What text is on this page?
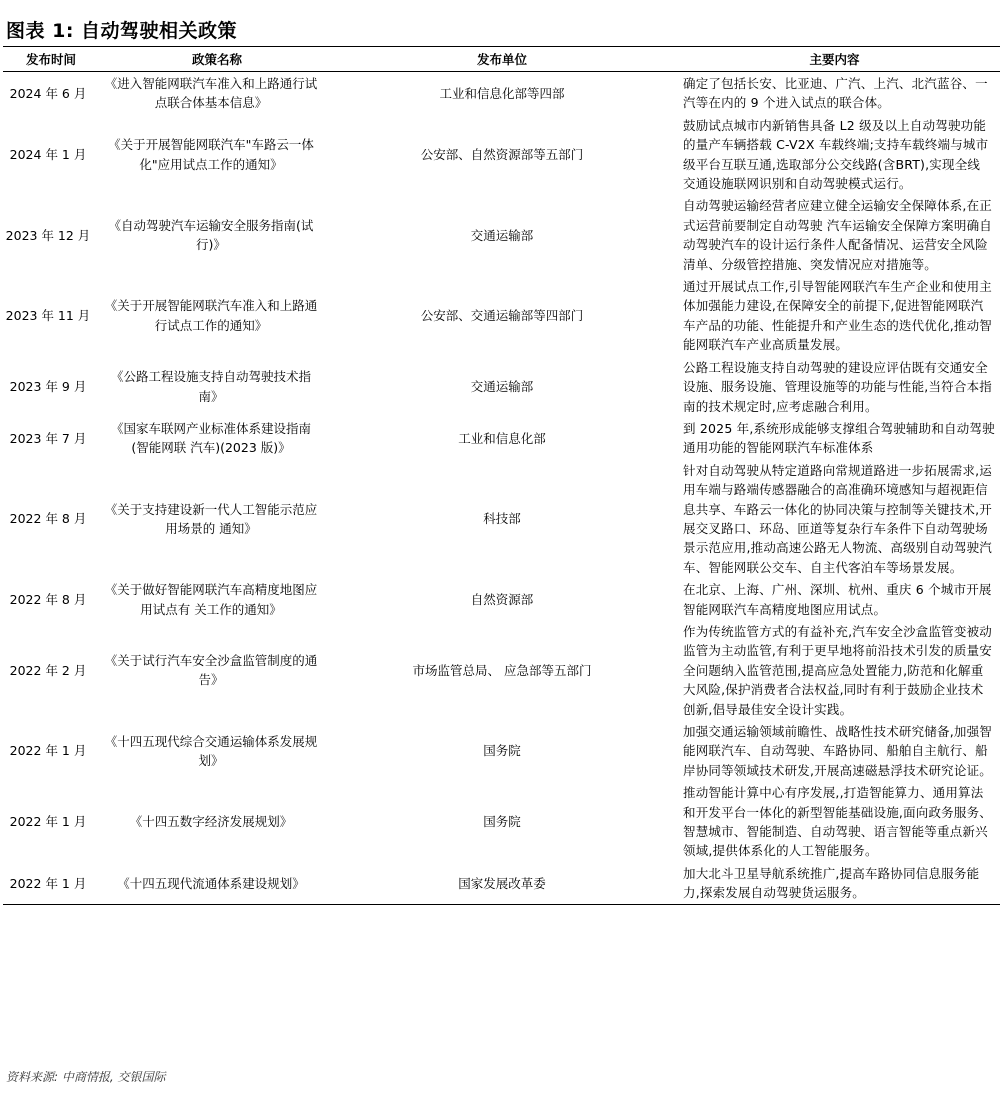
图表 1: 自动驾驶相关政策
发布时间	政策名称	发布单位	主要内容
2024 年 6 月	《进入智能网联汽车准入和上路通行试点联合体基本信息》	工业和信息化部等四部	确定了包括长安、比亚迪、广汽、上汽、北汽蓝谷、一汽等在内的 9 个进入试点的联合体。
2024 年 1 月	《关于开展智能网联汽车"车路云一体化"应用试点工作的通知》	公安部、自然资源部等五部门	鼓励试点城市内新销售具备 L2 级及以上自动驾驶功能的量产车辆搭载 C-V2X 车载终端;支持车载终端与城市级平台互联互通,选取部分公交线路(含BRT),实现全线 交通设施联网识别和自动驾驶模式运行。
2023 年 12 月	《自动驾驶汽车运输安全服务指南(试行)》	交通运输部	自动驾驶运输经营者应建立健全运输安全保障体系,在正式运营前要制定自动驾驶 汽车运输安全保障方案明确自动驾驶汽车的设计运行条件人配备情况、运营安全风险清单、分级管控措施、突发情况应对措施等。
2023 年 11 月	《关于开展智能网联汽车准入和上路通行试点工作的通知》	公安部、交通运输部等四部门	通过开展试点工作,引导智能网联汽车生产企业和使用主体加强能力建设,在保障安全的前提下,促进智能网联汽车产品的功能、性能提升和产业生态的迭代优化,推动智能网联汽车产业高质量发展。
2023 年 9 月	《公路工程设施支持自动驾驶技术指南》	交通运输部	公路工程设施支持自动驾驶的建设应评估既有交通安全设施、服务设施、管理设施等的功能与性能,当符合本指南的技术规定时,应考虑融合利用。
2023 年 7 月	《国家车联网产业标准体系建设指南(智能网联 汽车)(2023 版)》	工业和信息化部	到 2025 年,系统形成能够支撑组合驾驶辅助和自动驾驶通用功能的智能网联汽车标准体系
2022 年 8 月	《关于支持建设新一代人工智能示范应用场景的 通知》	科技部	针对自动驾驶从特定道路向常规道路进一步拓展需求,运用车端与路端传感器融合的高准确环境感知与超视距信息共享、车路云一体化的协同决策与控制等关键技术,开展交叉路口、环岛、匝道等复杂行车条件下自动驾驶场景示范应用,推动高速公路无人物流、高级别自动驾驶汽车、智能网联公交车、自主代客泊车等场景发展。
2022 年 8 月	《关于做好智能网联汽车高精度地图应用试点有 关工作的通知》	自然资源部	在北京、上海、广州、深圳、杭州、重庆 6 个城市开展智能网联汽车高精度地图应用试点。
2022 年 2 月	《关于试行汽车安全沙盒监管制度的通告》	市场监管总局、 应急部等五部门	作为传统监管方式的有益补充,汽车安全沙盒监管变被动监管为主动监管,有利于更早地将前沿技术引发的质量安全问题纳入监管范围,提高应急处置能力,防范和化解重大风险,保护消费者合法权益,同时有利于鼓励企业技术创新,倡导最佳安全设计实践。
2022 年 1 月	《十四五现代综合交通运输体系发展规划》	国务院	加强交通运输领域前瞻性、战略性技术研究储备,加强智能网联汽车、自动驾驶、车路协同、船舶自主航行、船岸协同等领域技术研发,开展高速磁悬浮技术研究论证。
2022 年 1 月	《十四五数字经济发展规划》	国务院	推动智能计算中心有序发展,,打造智能算力、通用算法和开发平台一体化的新型智能基础设施,面向政务服务、智慧城市、智能制造、自动驾驶、语言智能等重点新兴领域,提供体系化的人工智能服务。
2022 年 1 月	《十四五现代流通体系建设规划》	国家发展改革委	加大北斗卫星导航系统推广,提高车路协同信息服务能力,探索发展自动驾驶货运服务。
资料来源: 中商情报, 交银国际
